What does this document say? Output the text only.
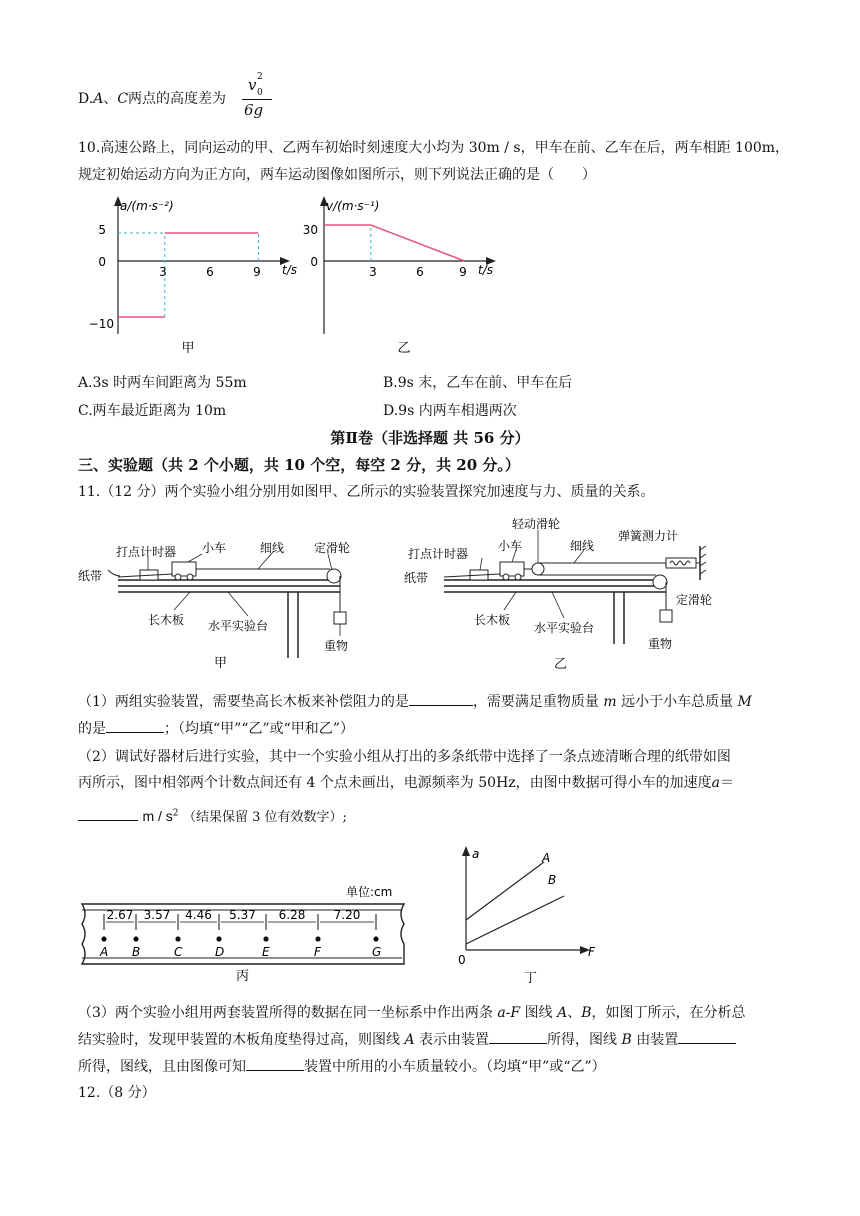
D.A、C两点的高度差为
v 0
2
6g
10.高速公路上，同向运动的甲、乙两车初始时刻速度大小均为 30m / s，甲车在前、乙车在后，两车相距 100m，
规定初始运动方向为正方向，两车运动图像如图所示，则下列说法正确的是（　　）
a/(m·s⁻²)
t/s
5
0
−10
3	6	9
甲
v/(m·s⁻¹)
t/s
30
0
3	6	9
乙
A.3s 时两车间距离为 55m	B.9s 末，乙车在前、甲车在后
C.两车最近距离为 10m	D.9s 内两车相遇两次
第Ⅱ卷（非选择题 共 56 分）
三、实验题（共 2 个小题，共 10 个空，每空 2 分，共 20 分。）
11.（12 分）两个实验小组分别用如图甲、乙所示的实验装置探究加速度与力、质量的关系。
打点计时器 小车	细线 定滑轮
纸带
长木板 水平实验台
重物
甲
轻动滑轮
打点计时器
小车	细线
弹簧测力计
纸带
长木板
水平实验台
定滑轮
重物
乙
（1）两组实验装置，需要垫高长木板来补偿阻力的是	，需要满足重物质量 m 远小于小车总质量 M
的是	；（均填“甲”“乙”或“甲和乙”）
（2）调试好器材后进行实验，其中一个实验小组从打出的多条纸带中选择了一条点迹清晰合理的纸带如图
丙所示，图中相邻两个计数点间还有 4 个点未画出，电源频率为 50Hz，由图中数据可得小车的加速度a＝
m / $s^2$ （结果保留 3 位有效数字）;
单位:cm
A B	C	D	E	F	G
2.67 3.57 4.46 5.37 6.28 7.20
丙
a
F
0
A
B
丁
（3）两个实验小组用两套装置所得的数据在同一坐标系中作出两条 a-F 图线 A、B，如图丁所示，在分析总
结实验时，发现甲装置的木板角度垫得过高，则图线 A 表示由装置	所得，图线 B 由装置
所得，图线，且由图像可知	装置中所用的小车质量较小。（均填“甲”或“乙”）
12.（8 分）
